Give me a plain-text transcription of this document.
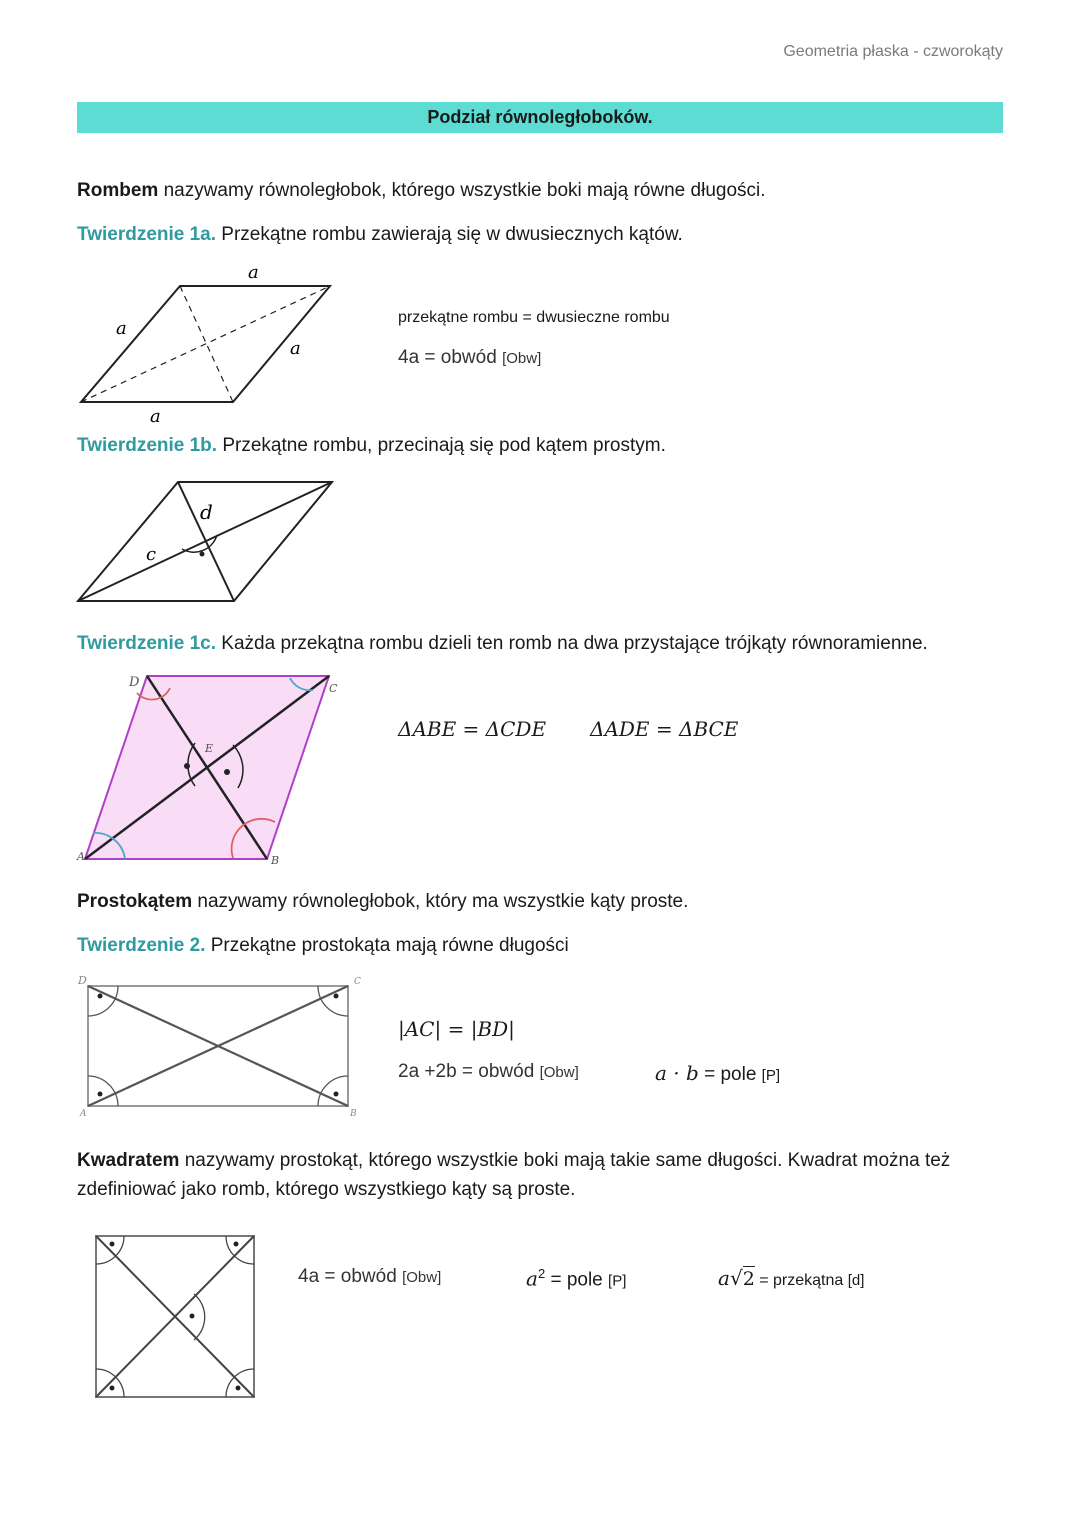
Geometria płaska - czworokąty
Podział równoległoboków.
Rombem nazywamy równoległobok, którego wszystkie boki mają równe długości.
Twierdzenie 1a. Przekątne rombu zawierają się w dwusiecznych kątów.
a
a
a
a
przekątne rombu = dwusieczne rombu
4a = obwód [Obw]
Twierdzenie 1b. Przekątne rombu, przecinają się pod kątem prostym.
d
c
Twierdzenie 1c. Każda przekątna rombu dzieli ten romb na dwa przystające trójkąty równoramienne.
D	C
A	B
E
ΔABE = ΔCDE ΔADE = ΔBCE
Prostokątem nazywamy równoległobok, który ma wszystkie kąty proste.
Twierdzenie 2. Przekątne prostokąta mają równe długości
D	C
A	B
|AC| = |BD|
2a +2b = obwód [Obw]	a · b = pole [P]
Kwadratem nazywamy prostokąt, którego wszystkie boki mają takie same długości. Kwadrat można też zdefiniować jako romb, którego wszystkiego kąty są proste.
4a = obwód [Obw]	$a^2$ = pole [P]	a√2 = przekątna [d]
